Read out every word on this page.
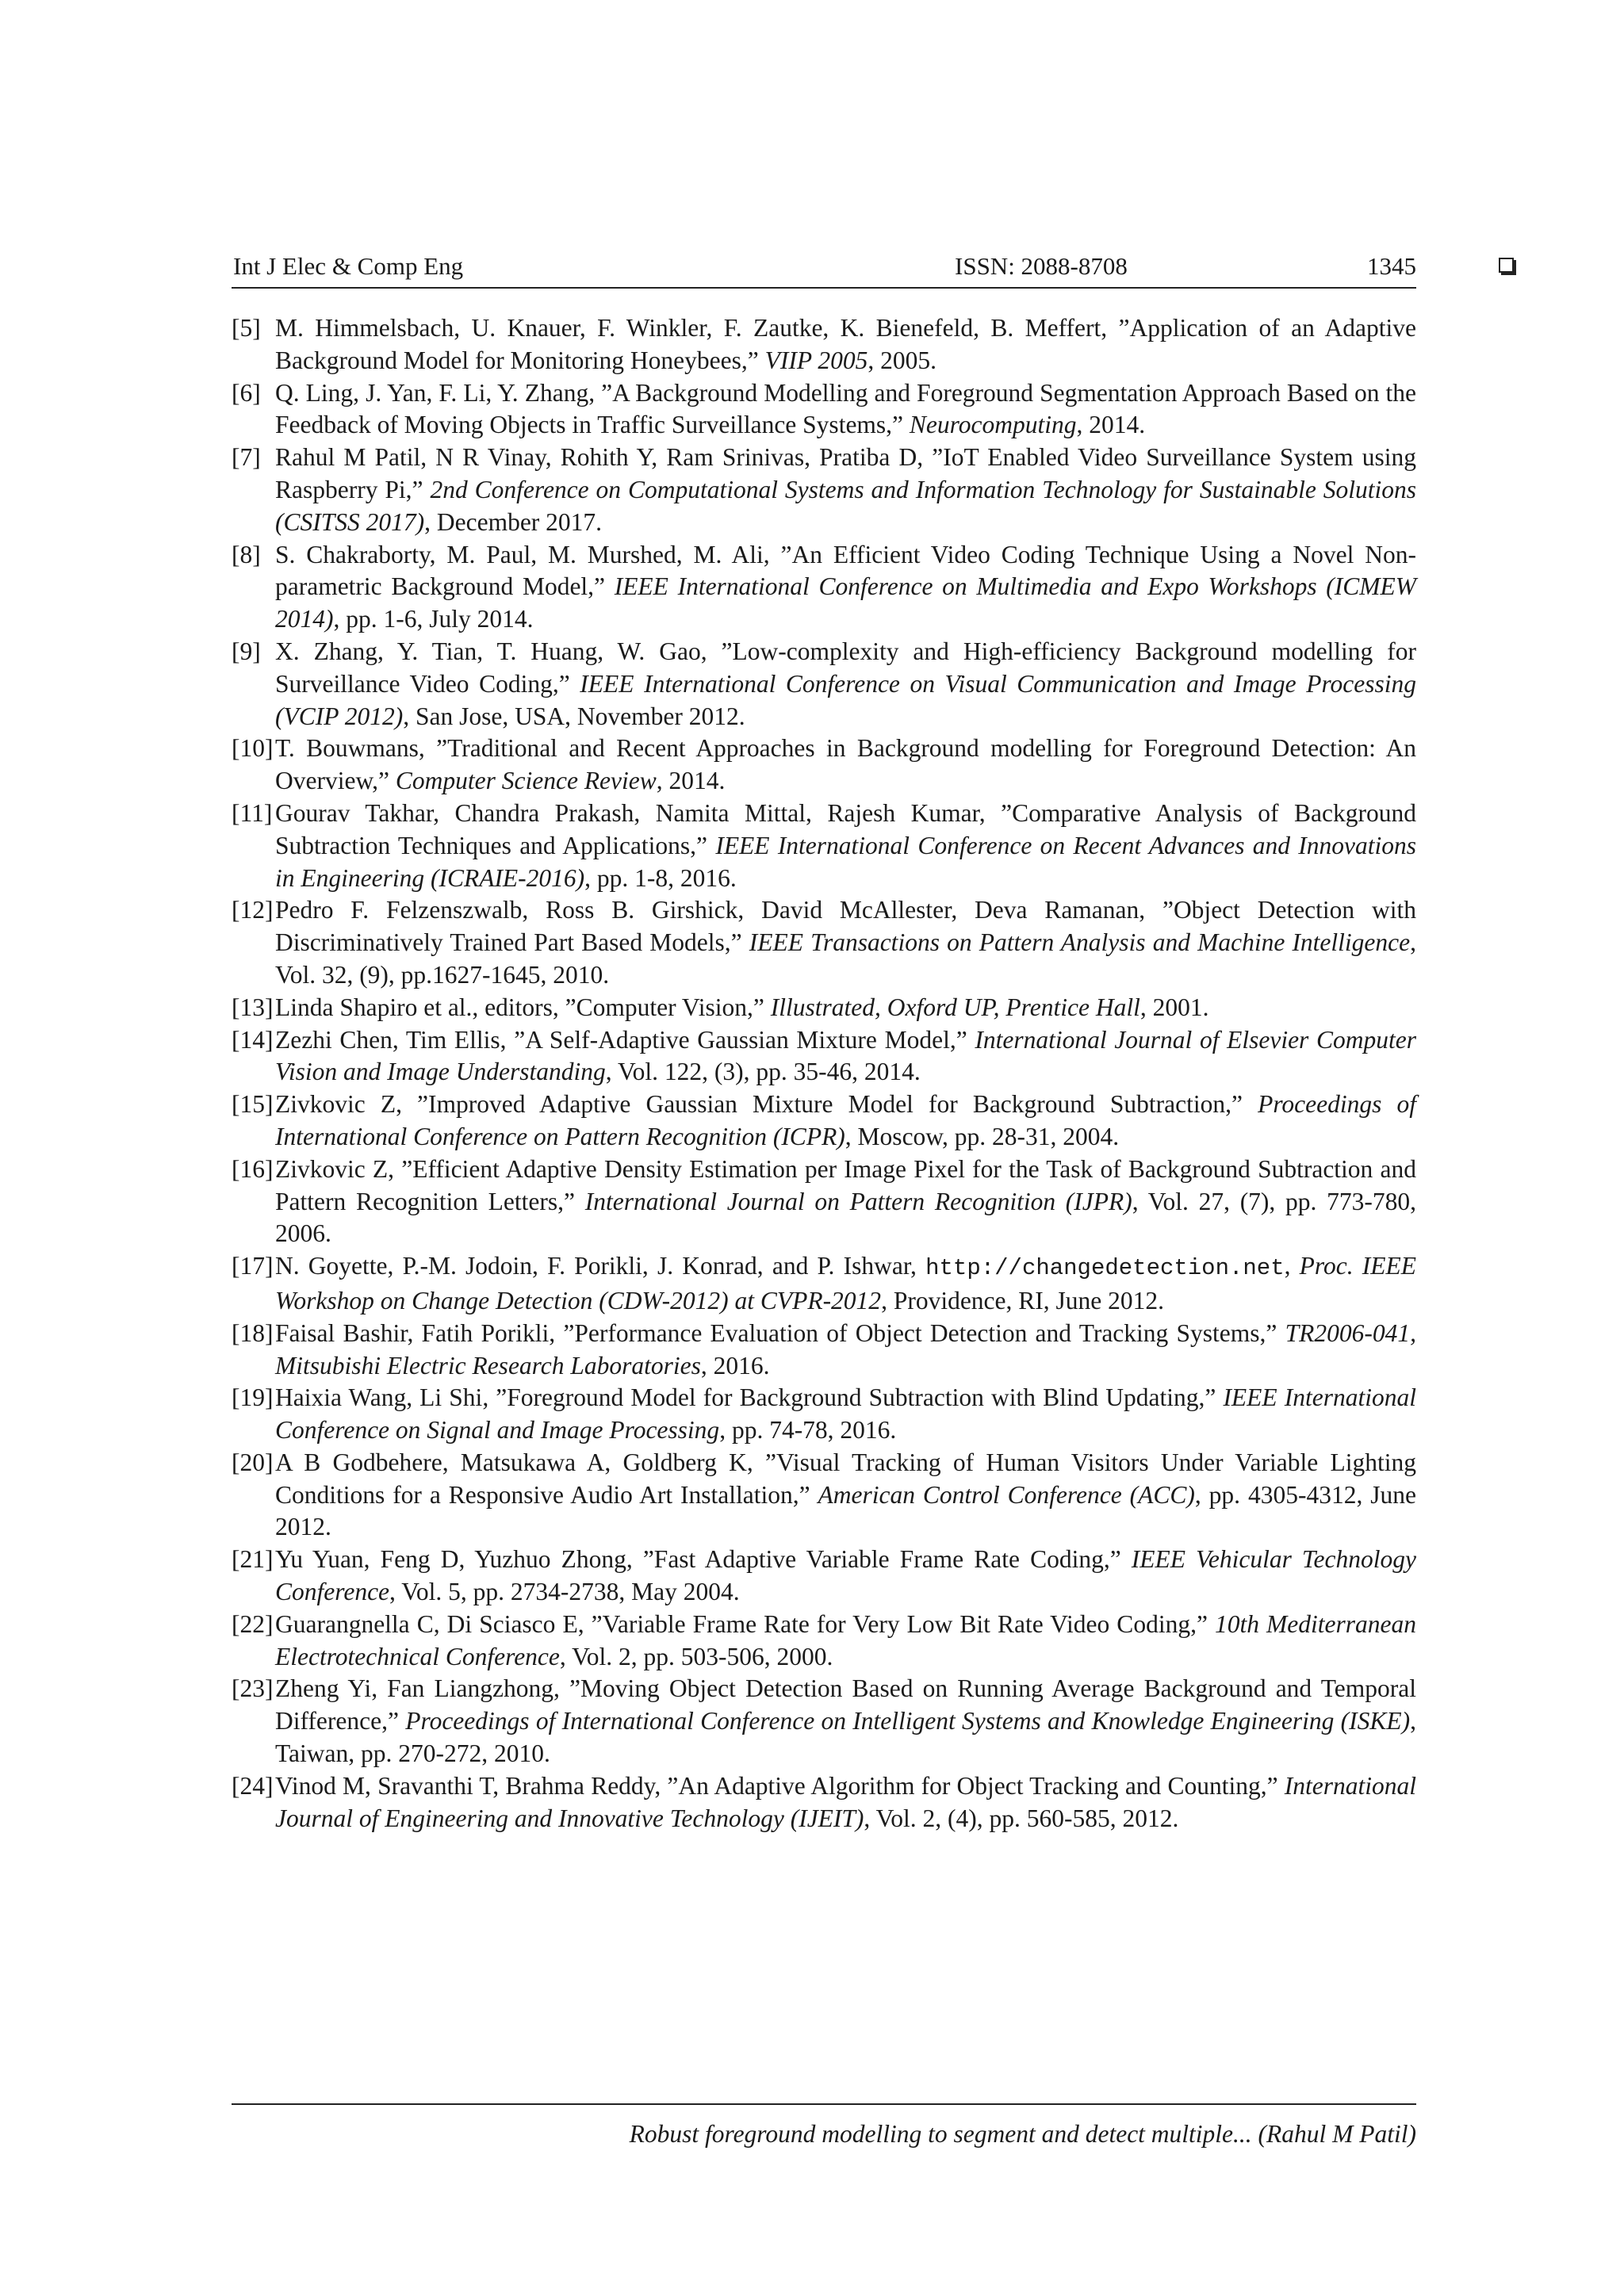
Int J Elec & Comp Eng	ISSN: 2088-8708	1345
[5] M. Himmelsbach, U. Knauer, F. Winkler, F. Zautke, K. Bienefeld, B. Meffert, ”Application of an Adaptive Background Model for Monitoring Honeybees,” VIIP 2005, 2005.
[6] Q. Ling, J. Yan, F. Li, Y. Zhang, ”A Background Modelling and Foreground Segmentation Approach Based on the Feedback of Moving Objects in Traffic Surveillance Systems,” Neurocomputing, 2014.
[7] Rahul M Patil, N R Vinay, Rohith Y, Ram Srinivas, Pratiba D, ”IoT Enabled Video Surveillance System using Raspberry Pi,” 2nd Conference on Computational Systems and Information Technology for Sustainable Solutions (CSITSS 2017), December 2017.
[8] S. Chakraborty, M. Paul, M. Murshed, M. Ali, ”An Efficient Video Coding Technique Using a Novel Non-parametric Background Model,” IEEE International Conference on Multimedia and Expo Workshops (ICMEW 2014), pp. 1-6, July 2014.
[9] X. Zhang, Y. Tian, T. Huang, W. Gao, ”Low-complexity and High-efficiency Background modelling for Surveillance Video Coding,” IEEE International Conference on Visual Communication and Image Processing (VCIP 2012), San Jose, USA, November 2012.
[10] T. Bouwmans, ”Traditional and Recent Approaches in Background modelling for Foreground Detection: An Overview,” Computer Science Review, 2014.
[11] Gourav Takhar, Chandra Prakash, Namita Mittal, Rajesh Kumar, ”Comparative Analysis of Background Subtraction Techniques and Applications,” IEEE International Conference on Recent Advances and Innovations in Engineering (ICRAIE-2016), pp. 1-8, 2016.
[12] Pedro F. Felzenszwalb, Ross B. Girshick, David McAllester, Deva Ramanan, ”Object Detection with Discriminatively Trained Part Based Models,” IEEE Transactions on Pattern Analysis and Machine Intelligence, Vol. 32, (9), pp.1627-1645, 2010.
[13] Linda Shapiro et al., editors, ”Computer Vision,” Illustrated, Oxford UP, Prentice Hall, 2001.
[14] Zezhi Chen, Tim Ellis, ”A Self-Adaptive Gaussian Mixture Model,” International Journal of Elsevier Computer Vision and Image Understanding, Vol. 122, (3), pp. 35-46, 2014.
[15] Zivkovic Z, ”Improved Adaptive Gaussian Mixture Model for Background Subtraction,” Proceedings of International Conference on Pattern Recognition (ICPR), Moscow, pp. 28-31, 2004.
[16] Zivkovic Z, ”Efficient Adaptive Density Estimation per Image Pixel for the Task of Background Subtraction and Pattern Recognition Letters,” International Journal on Pattern Recognition (IJPR), Vol. 27, (7), pp. 773-780, 2006.
[17] N. Goyette, P.-M. Jodoin, F. Porikli, J. Konrad, and P. Ishwar, http://changedetection.net, Proc. IEEE Workshop on Change Detection (CDW-2012) at CVPR-2012, Providence, RI, June 2012.
[18] Faisal Bashir, Fatih Porikli, ”Performance Evaluation of Object Detection and Tracking Systems,” TR2006-041, Mitsubishi Electric Research Laboratories, 2016.
[19] Haixia Wang, Li Shi, ”Foreground Model for Background Subtraction with Blind Updating,” IEEE International Conference on Signal and Image Processing, pp. 74-78, 2016.
[20] A B Godbehere, Matsukawa A, Goldberg K, ”Visual Tracking of Human Visitors Under Variable Lighting Conditions for a Responsive Audio Art Installation,” American Control Conference (ACC), pp. 4305-4312, June 2012.
[21] Yu Yuan, Feng D, Yuzhuo Zhong, ”Fast Adaptive Variable Frame Rate Coding,” IEEE Vehicular Technology Conference, Vol. 5, pp. 2734-2738, May 2004.
[22] Guarangnella C, Di Sciasco E, ”Variable Frame Rate for Very Low Bit Rate Video Coding,” 10th Mediterranean Electrotechnical Conference, Vol. 2, pp. 503-506, 2000.
[23] Zheng Yi, Fan Liangzhong, ”Moving Object Detection Based on Running Average Background and Temporal Difference,” Proceedings of International Conference on Intelligent Systems and Knowledge Engineering (ISKE), Taiwan, pp. 270-272, 2010.
[24] Vinod M, Sravanthi T, Brahma Reddy, ”An Adaptive Algorithm for Object Tracking and Counting,” International Journal of Engineering and Innovative Technology (IJEIT), Vol. 2, (4), pp. 560-585, 2012.
Robust foreground modelling to segment and detect multiple... (Rahul M Patil)
